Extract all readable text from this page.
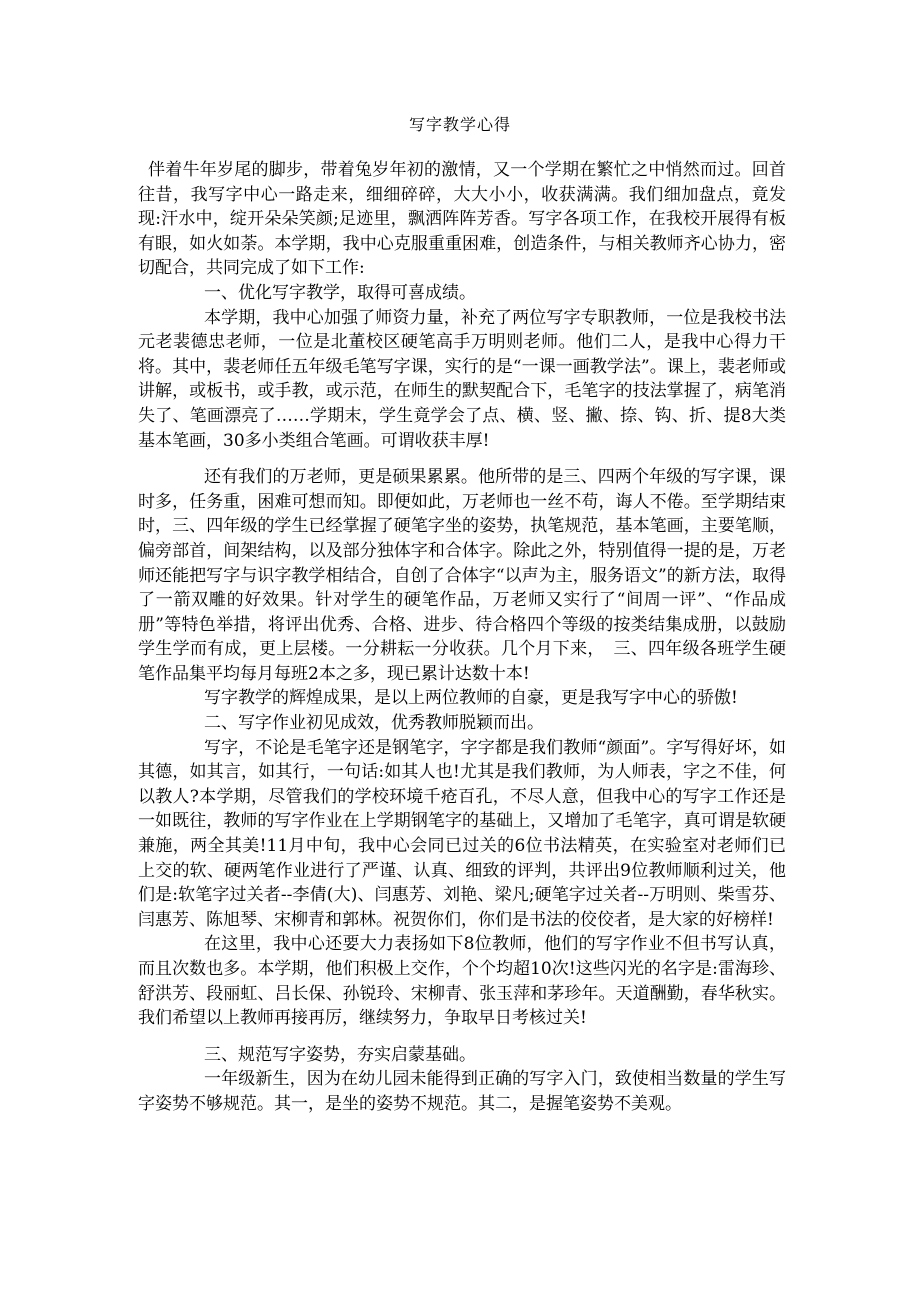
写字教学心得

伴着牛年岁尾的脚步，带着兔岁年初的激情，又一个学期在繁忙之中悄然而过。回首往昔，我写字中心一路走来，细细碎碎，大大小小，收获满满。我们细加盘点，竟发现:汗水中，绽开朵朵笑颜;足迹里，飘洒阵阵芳香。写字各项工作，在我校开展得有板有眼，如火如荼。本学期，我中心克服重重困难，创造条件，与相关教师齐心协力，密切配合，共同完成了如下工作:

一、优化写字教学，取得可喜成绩。

本学期，我中心加强了师资力量，补充了两位写字专职教师，一位是我校书法元老裴德忠老师，一位是北董校区硬笔高手万明则老师。他们二人，是我中心得力干将。其中，裴老师任五年级毛笔写字课，实行的是“一课一画教学法”。课上，裴老师或讲解，或板书，或手教，或示范，在师生的默契配合下，毛笔字的技法掌握了，病笔消失了、笔画漂亮了……学期末，学生竟学会了点、横、竖、撇、捺、钩、折、提8大类基本笔画，30多小类组合笔画。可谓收获丰厚!

还有我们的万老师，更是硕果累累。他所带的是三、四两个年级的写字课，课时多，任务重，困难可想而知。即便如此，万老师也一丝不苟，诲人不倦。至学期结束时，三、四年级的学生已经掌握了硬笔字坐的姿势，执笔规范，基本笔画，主要笔顺，偏旁部首，间架结构，以及部分独体字和合体字。除此之外，特别值得一提的是，万老师还能把写字与识字教学相结合，自创了合体字“以声为主，服务语文”的新方法，取得了一箭双雕的好效果。针对学生的硬笔作品，万老师又实行了“间周一评”、“作品成册”等特色举措，将评出优秀、合格、进步、待合格四个等级的按类结集成册，以鼓励学生学而有成，更上层楼。一分耕耘一分收获。几个月下来，　三、四年级各班学生硬笔作品集平均每月每班2本之多，现已累计达数十本!

写字教学的辉煌成果，是以上两位教师的自豪，更是我写字中心的骄傲!

二、写字作业初见成效，优秀教师脱颖而出。

写字，不论是毛笔字还是钢笔字，字字都是我们教师“颜面”。字写得好坏，如其德，如其言，如其行，一句话:如其人也!尤其是我们教师，为人师表，字之不佳，何以教人?本学期，尽管我们的学校环境千疮百孔，不尽人意，但我中心的写字工作还是一如既往，教师的写字作业在上学期钢笔字的基础上，又增加了毛笔字，真可谓是软硬兼施，两全其美!11月中旬，我中心会同已过关的6位书法精英，在实验室对老师们已上交的软、硬两笔作业进行了严谨、认真、细致的评判，共评出9位教师顺利过关，他们是:软笔字过关者--李倩(大)、闫惠芳、刘艳、梁凡;硬笔字过关者--万明则、柴雪芬、闫惠芳、陈旭琴、宋柳青和郭林。祝贺你们，你们是书法的佼佼者，是大家的好榜样!

在这里，我中心还要大力表扬如下8位教师，他们的写字作业不但书写认真，而且次数也多。本学期，他们积极上交作，个个均超10次!这些闪光的名字是:雷海珍、舒洪芳、段丽虹、吕长保、孙锐玲、宋柳青、张玉萍和茅珍年。天道酬勤，春华秋实。我们希望以上教师再接再厉，继续努力，争取早日考核过关!

三、规范写字姿势，夯实启蒙基础。

一年级新生，因为在幼儿园未能得到正确的写字入门，致使相当数量的学生写字姿势不够规范。其一，是坐的姿势不规范。其二，是握笔姿势不美观。
